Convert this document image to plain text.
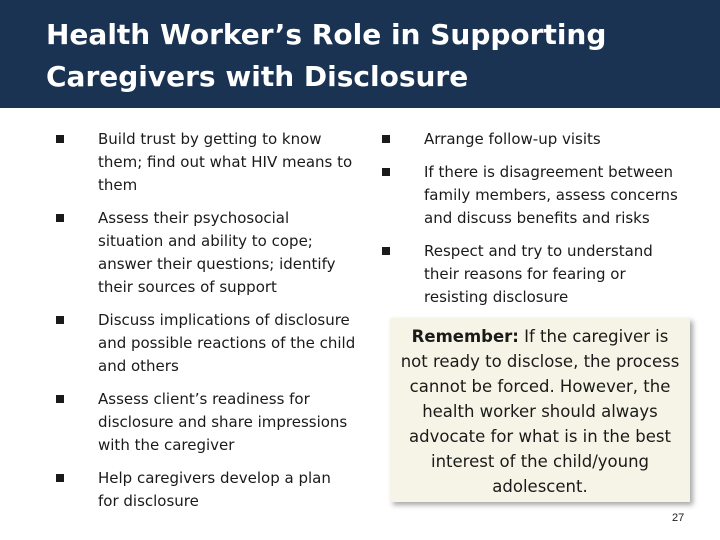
Health Worker’s Role in Supporting
Caregivers with Disclosure
Build trust by getting to know them; find out what HIV means to them
Assess their psychosocial situation and ability to cope; answer their questions; identify their sources of support
Discuss implications of disclosure and possible reactions of the child and others
Assess client’s readiness for disclosure and share impressions with the caregiver
Help caregivers develop a plan for disclosure
Arrange follow-up visits
If there is disagreement between family members, assess concerns and discuss benefits and risks
Respect and try to understand their reasons for fearing or resisting disclosure
Remember: If the caregiver is not ready to disclose, the process cannot be forced. However, the health worker should always advocate for what is in the best interest of the child/young adolescent.
27
